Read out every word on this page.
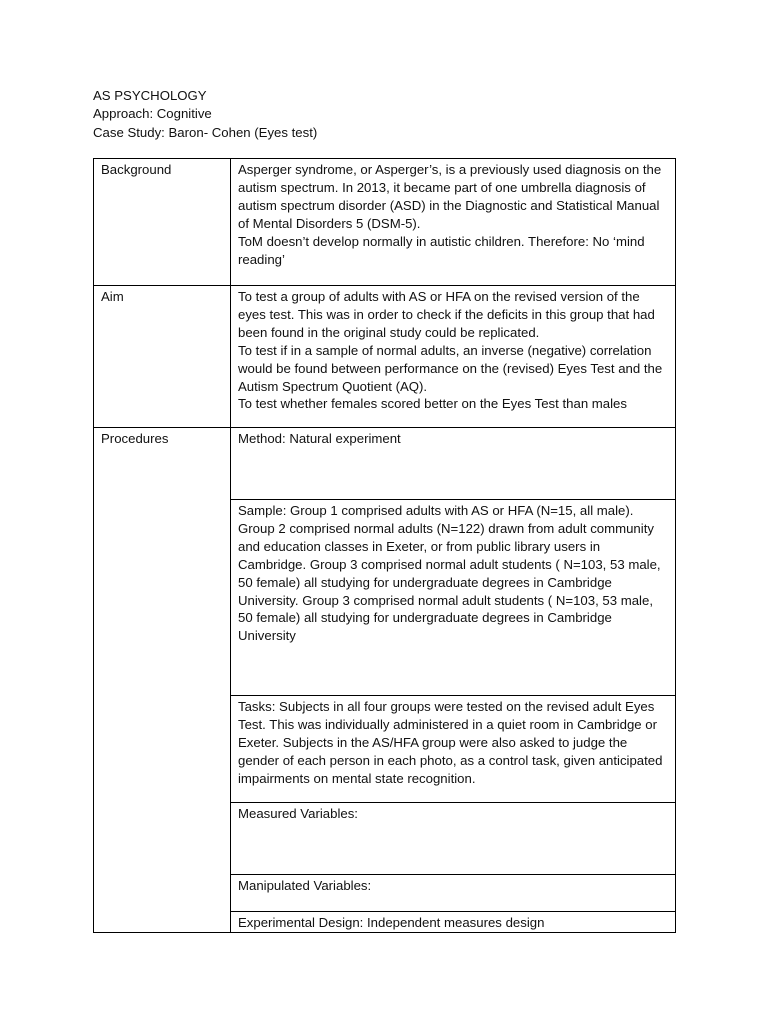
AS PSYCHOLOGY
Approach: Cognitive
Case Study: Baron- Cohen (Eyes test)
Background	Asperger syndrome, or Asperger’s, is a previously used diagnosis on the autism spectrum. In 2013, it became part of one umbrella diagnosis of autism spectrum disorder (ASD) in the Diagnostic and Statistical Manual of Mental Disorders 5 (DSM-5).
ToM doesn’t develop normally in autistic children. Therefore: No ‘mind reading’
Aim	To test a group of adults with AS or HFA on the revised version of the eyes test. This was in order to check if the deficits in this group that had been found in the original study could be replicated.
To test if in a sample of normal adults, an inverse (negative) correlation would be found between performance on the (revised) Eyes Test and the Autism Spectrum Quotient (AQ).
To test whether females scored better on the Eyes Test than males
Procedures	Method: Natural experiment
	Sample: Group 1 comprised adults with AS or HFA (N=15, all male). Group 2 comprised normal adults (N=122) drawn from adult community and education classes in Exeter, or from public library users in Cambridge. Group 3 comprised normal adult students ( N=103, 53 male, 50 female) all studying for undergraduate degrees in Cambridge University. Group 3 comprised normal adult students ( N=103, 53 male, 50 female) all studying for undergraduate degrees in Cambridge University
	Tasks: Subjects in all four groups were tested on the revised adult Eyes Test. This was individually administered in a quiet room in Cambridge or Exeter. Subjects in the AS/HFA group were also asked to judge the gender of each person in each photo, as a control task, given anticipated impairments on mental state recognition.
	Measured Variables:
	Manipulated Variables:
	Experimental Design: Independent measures design
